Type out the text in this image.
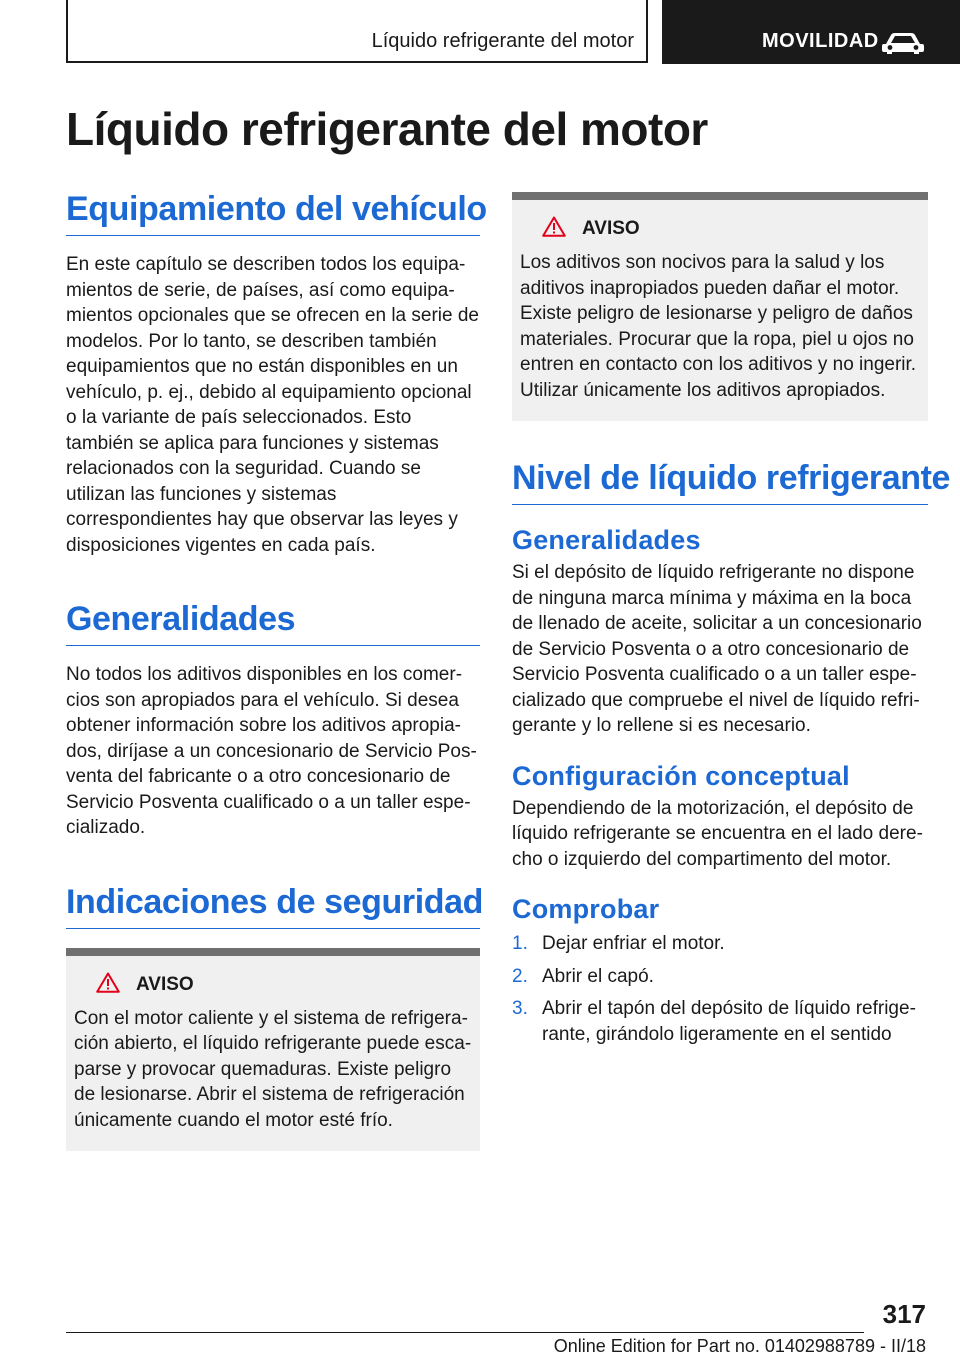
Líquido refrigerante del motor	MOVILIDAD
Líquido refrigerante del motor
Equipamiento del vehículo

En este capítulo se describen todos los equipamientos de serie, de países, así como equipamientos opcionales que se ofrecen en la serie de modelos. Por lo tanto, se describen también equipamientos que no están disponibles en un vehículo, p. ej., debido al equipamiento opcional o la variante de país seleccionados. Esto también se aplica para funciones y sistemas relacionados con la seguridad. Cuando se utilizan las funciones y sistemas correspondientes hay que observar las leyes y disposiciones vigentes en cada país.

Generalidades

No todos los aditivos disponibles en los comercios son apropiados para el vehículo. Si desea obtener información sobre los aditivos apropiados, diríjase a un concesionario de Servicio Posventa del fabricante o a otro concesionario de Servicio Posventa cualificado o a un taller especializado.

Indicaciones de seguridad
AVISO

Con el motor caliente y el sistema de refrigeración abierto, el líquido refrigerante puede escaparse y provocar quemaduras. Existe peligro de lesionarse. Abrir el sistema de refrigeración únicamente cuando el motor esté frío.

AVISO

Los aditivos son nocivos para la salud y los aditivos inapropiados pueden dañar el motor. Existe peligro de lesionarse y peligro de daños materiales. Procurar que la ropa, piel u ojos no entren en contacto con los aditivos y no ingerir. Utilizar únicamente los aditivos apropiados.

Nivel de líquido refrigerante
Generalidades

Si el depósito de líquido refrigerante no dispone de ninguna marca mínima y máxima en la boca de llenado de aceite, solicitar a un concesionario de Servicio Posventa o a otro concesionario de Servicio Posventa cualificado o a un taller especializado que compruebe el nivel de líquido refrigerante y lo rellene si es necesario.

Configuración conceptual

Dependiendo de la motorización, el depósito de líquido refrigerante se encuentra en el lado derecho o izquierdo del compartimento del motor.

Comprobar
1. Dejar enfriar el motor.
2. Abrir el capó.
3. Abrir el tapón del depósito de líquido refrigerante, girándolo ligeramente en el sentido
317
Online Edition for Part no. 01402988789 - II/18
